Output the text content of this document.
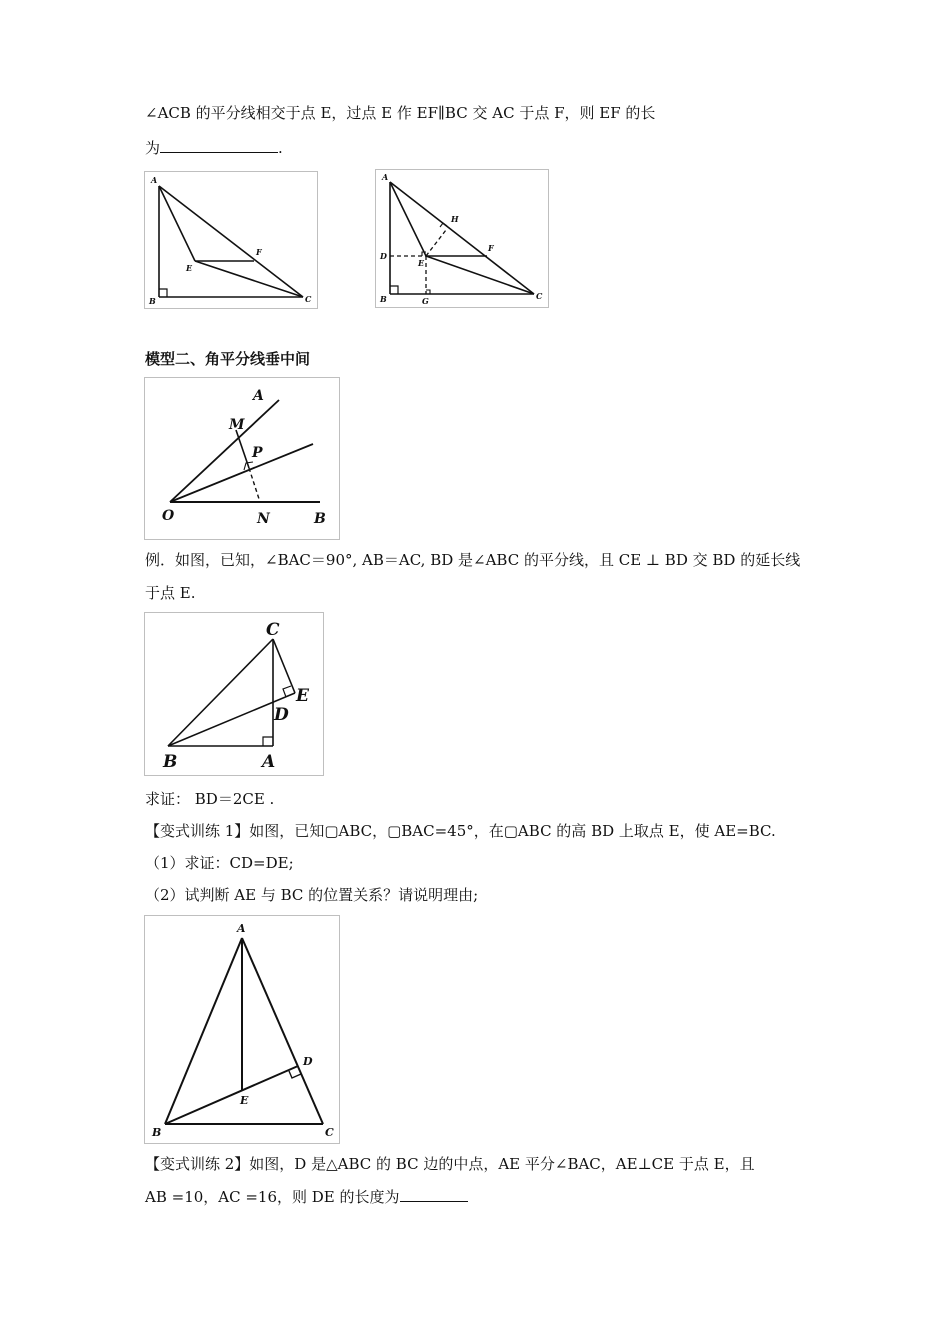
∠ACB 的平分线相交于点 E，过点 E 作 EF∥BC 交 AC 于点 F，则 EF 的长
为	.
A
B	C
E
F
A
D
E
F
H
B	G	C
模型二、角平分线垂中间
A
M
P
O	N	B
例．如图，已知，∠BAC＝90°, AB＝AC, BD 是∠ABC 的平分线，且 CE ⊥ BD 交 BD 的延长线
于点 E.
C
E
D
B	A
求证： BD＝2CE .
【变式训练 1】如图，已知▢ABC，▢BAC=45°，在▢ABC 的高 BD 上取点 E，使 AE=BC.
（1）求证：CD=DE;
（2）试判断 AE 与 BC 的位置关系？请说明理由;
A
D
E
B	C
【变式训练 2】如图，D 是△ABC 的 BC 边的中点，AE 平分∠BAC，AE⊥CE 于点 E，且
AB =10，AC =16，则 DE 的长度为
